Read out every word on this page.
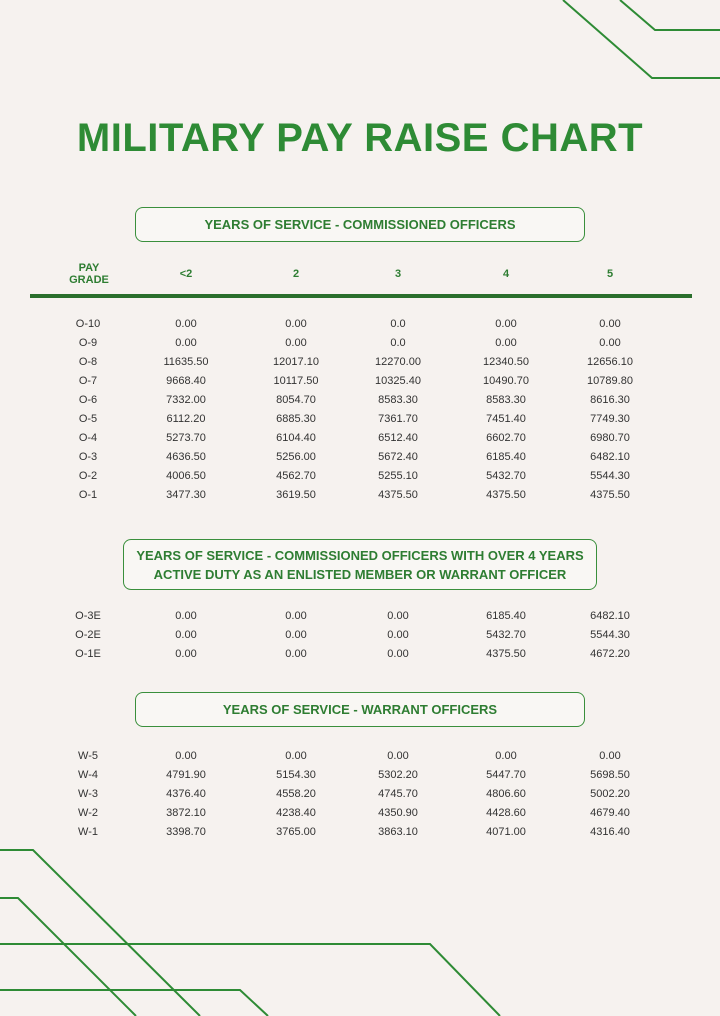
MILITARY PAY RAISE CHART
YEARS OF SERVICE - COMMISSIONED OFFICERS
PAY
GRADE	<2	2	3	4	5
YEARS OF SERVICE - COMMISSIONED OFFICERS WITH OVER 4 YEARS
ACTIVE DUTY AS AN ENLISTED MEMBER OR WARRANT OFFICER
YEARS OF SERVICE - WARRANT OFFICERS
O-10	0.00	0.00	0.0	0.00	0.00
O-9	0.00	0.00	0.0	0.00	0.00
O-8	11635.50	12017.10	12270.00	12340.50	12656.10
O-7	9668.40	10117.50	10325.40	10490.70	10789.80
O-6	7332.00	8054.70	8583.30	8583.30	8616.30
O-5	6112.20	6885.30	7361.70	7451.40	7749.30
O-4	5273.70	6104.40	6512.40	6602.70	6980.70
O-3	4636.50	5256.00	5672.40	6185.40	6482.10
O-2	4006.50	4562.70	5255.10	5432.70	5544.30
O-1	3477.30	3619.50	4375.50	4375.50	4375.50
O-3E	0.00	0.00	0.00	6185.40	6482.10
O-2E	0.00	0.00	0.00	5432.70	5544.30
O-1E	0.00	0.00	0.00	4375.50	4672.20
W-5	0.00	0.00	0.00	0.00	0.00
W-4	4791.90	5154.30	5302.20	5447.70	5698.50
W-3	4376.40	4558.20	4745.70	4806.60	5002.20
W-2	3872.10	4238.40	4350.90	4428.60	4679.40
W-1	3398.70	3765.00	3863.10	4071.00	4316.40
